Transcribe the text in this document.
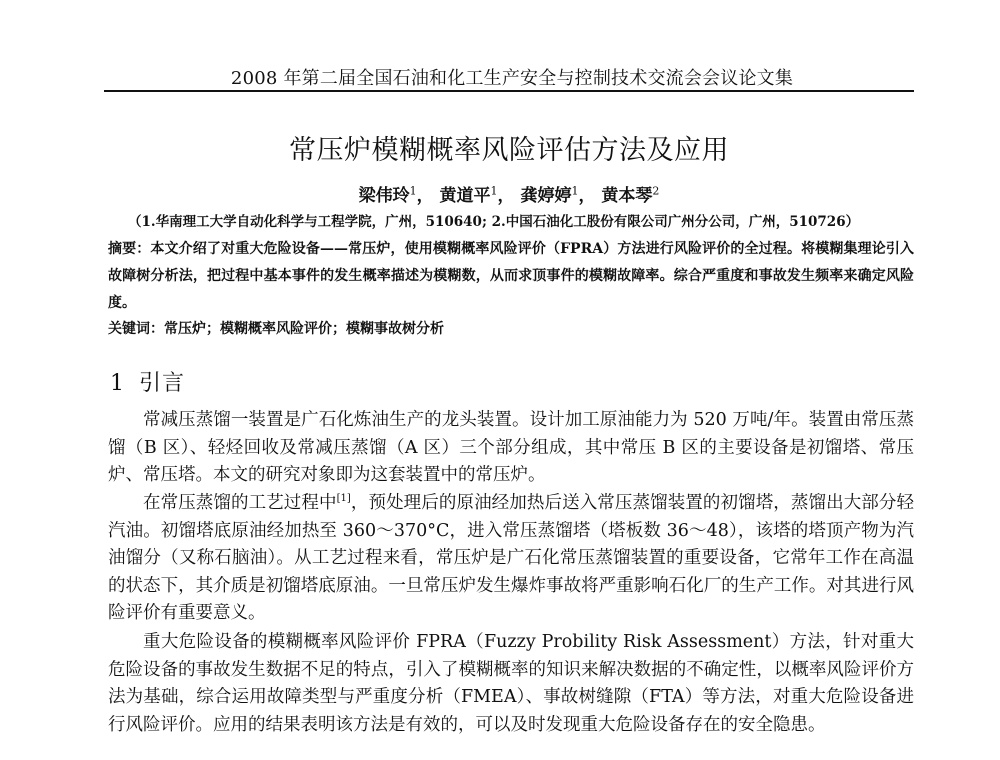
2008 年第二届全国石油和化工生产安全与控制技术交流会会议论文集
常压炉模糊概率风险评估方法及应用
梁伟玲$^1$， 黄道平$^1$， 龚婷婷$^1$， 黄本琴$^2$
（1.华南理工大学自动化科学与工程学院，广州，510640; 2.中国石油化工股份有限公司广州分公司，广州，510726）
摘要：本文介绍了对重大危险设备——常压炉，使用模糊概率风险评价（FPRA）方法进行风险评价的全过程。将模糊集理论引入故障树分析法，把过程中基本事件的发生概率描述为模糊数，从而求顶事件的模糊故障率。综合严重度和事故发生频率来确定风险度。
关键词：常压炉；模糊概率风险评价；模糊事故树分析
1 引言

常减压蒸馏一装置是广石化炼油生产的龙头装置。设计加工原油能力为 520 万吨/年。装置由常压蒸馏（B 区）、轻烃回收及常减压蒸馏（A 区）三个部分组成，其中常压 B 区的主要设备是初馏塔、常压炉、常压塔。本文的研究对象即为这套装置中的常压炉。

在常压蒸馏的工艺过程中[1]，预处理后的原油经加热后送入常压蒸馏装置的初馏塔，蒸馏出大部分轻汽油。初馏塔底原油经加热至 360～370°C，进入常压蒸馏塔（塔板数 36～48），该塔的塔顶产物为汽油馏分（又称石脑油）。从工艺过程来看，常压炉是广石化常压蒸馏装置的重要设备，它常年工作在高温的状态下，其介质是初馏塔底原油。一旦常压炉发生爆炸事故将严重影响石化厂的生产工作。对其进行风险评价有重要意义。

重大危险设备的模糊概率风险评价 FPRA（Fuzzy Probility Risk Assessment）方法，针对重大危险设备的事故发生数据不足的特点，引入了模糊概率的知识来解决数据的不确定性，以概率风险评价方法为基础，综合运用故障类型与严重度分析（FMEA）、事故树缝隙（FTA）等方法，对重大危险设备进行风险评价。应用的结果表明该方法是有效的，可以及时发现重大危险设备存在的安全隐患。
